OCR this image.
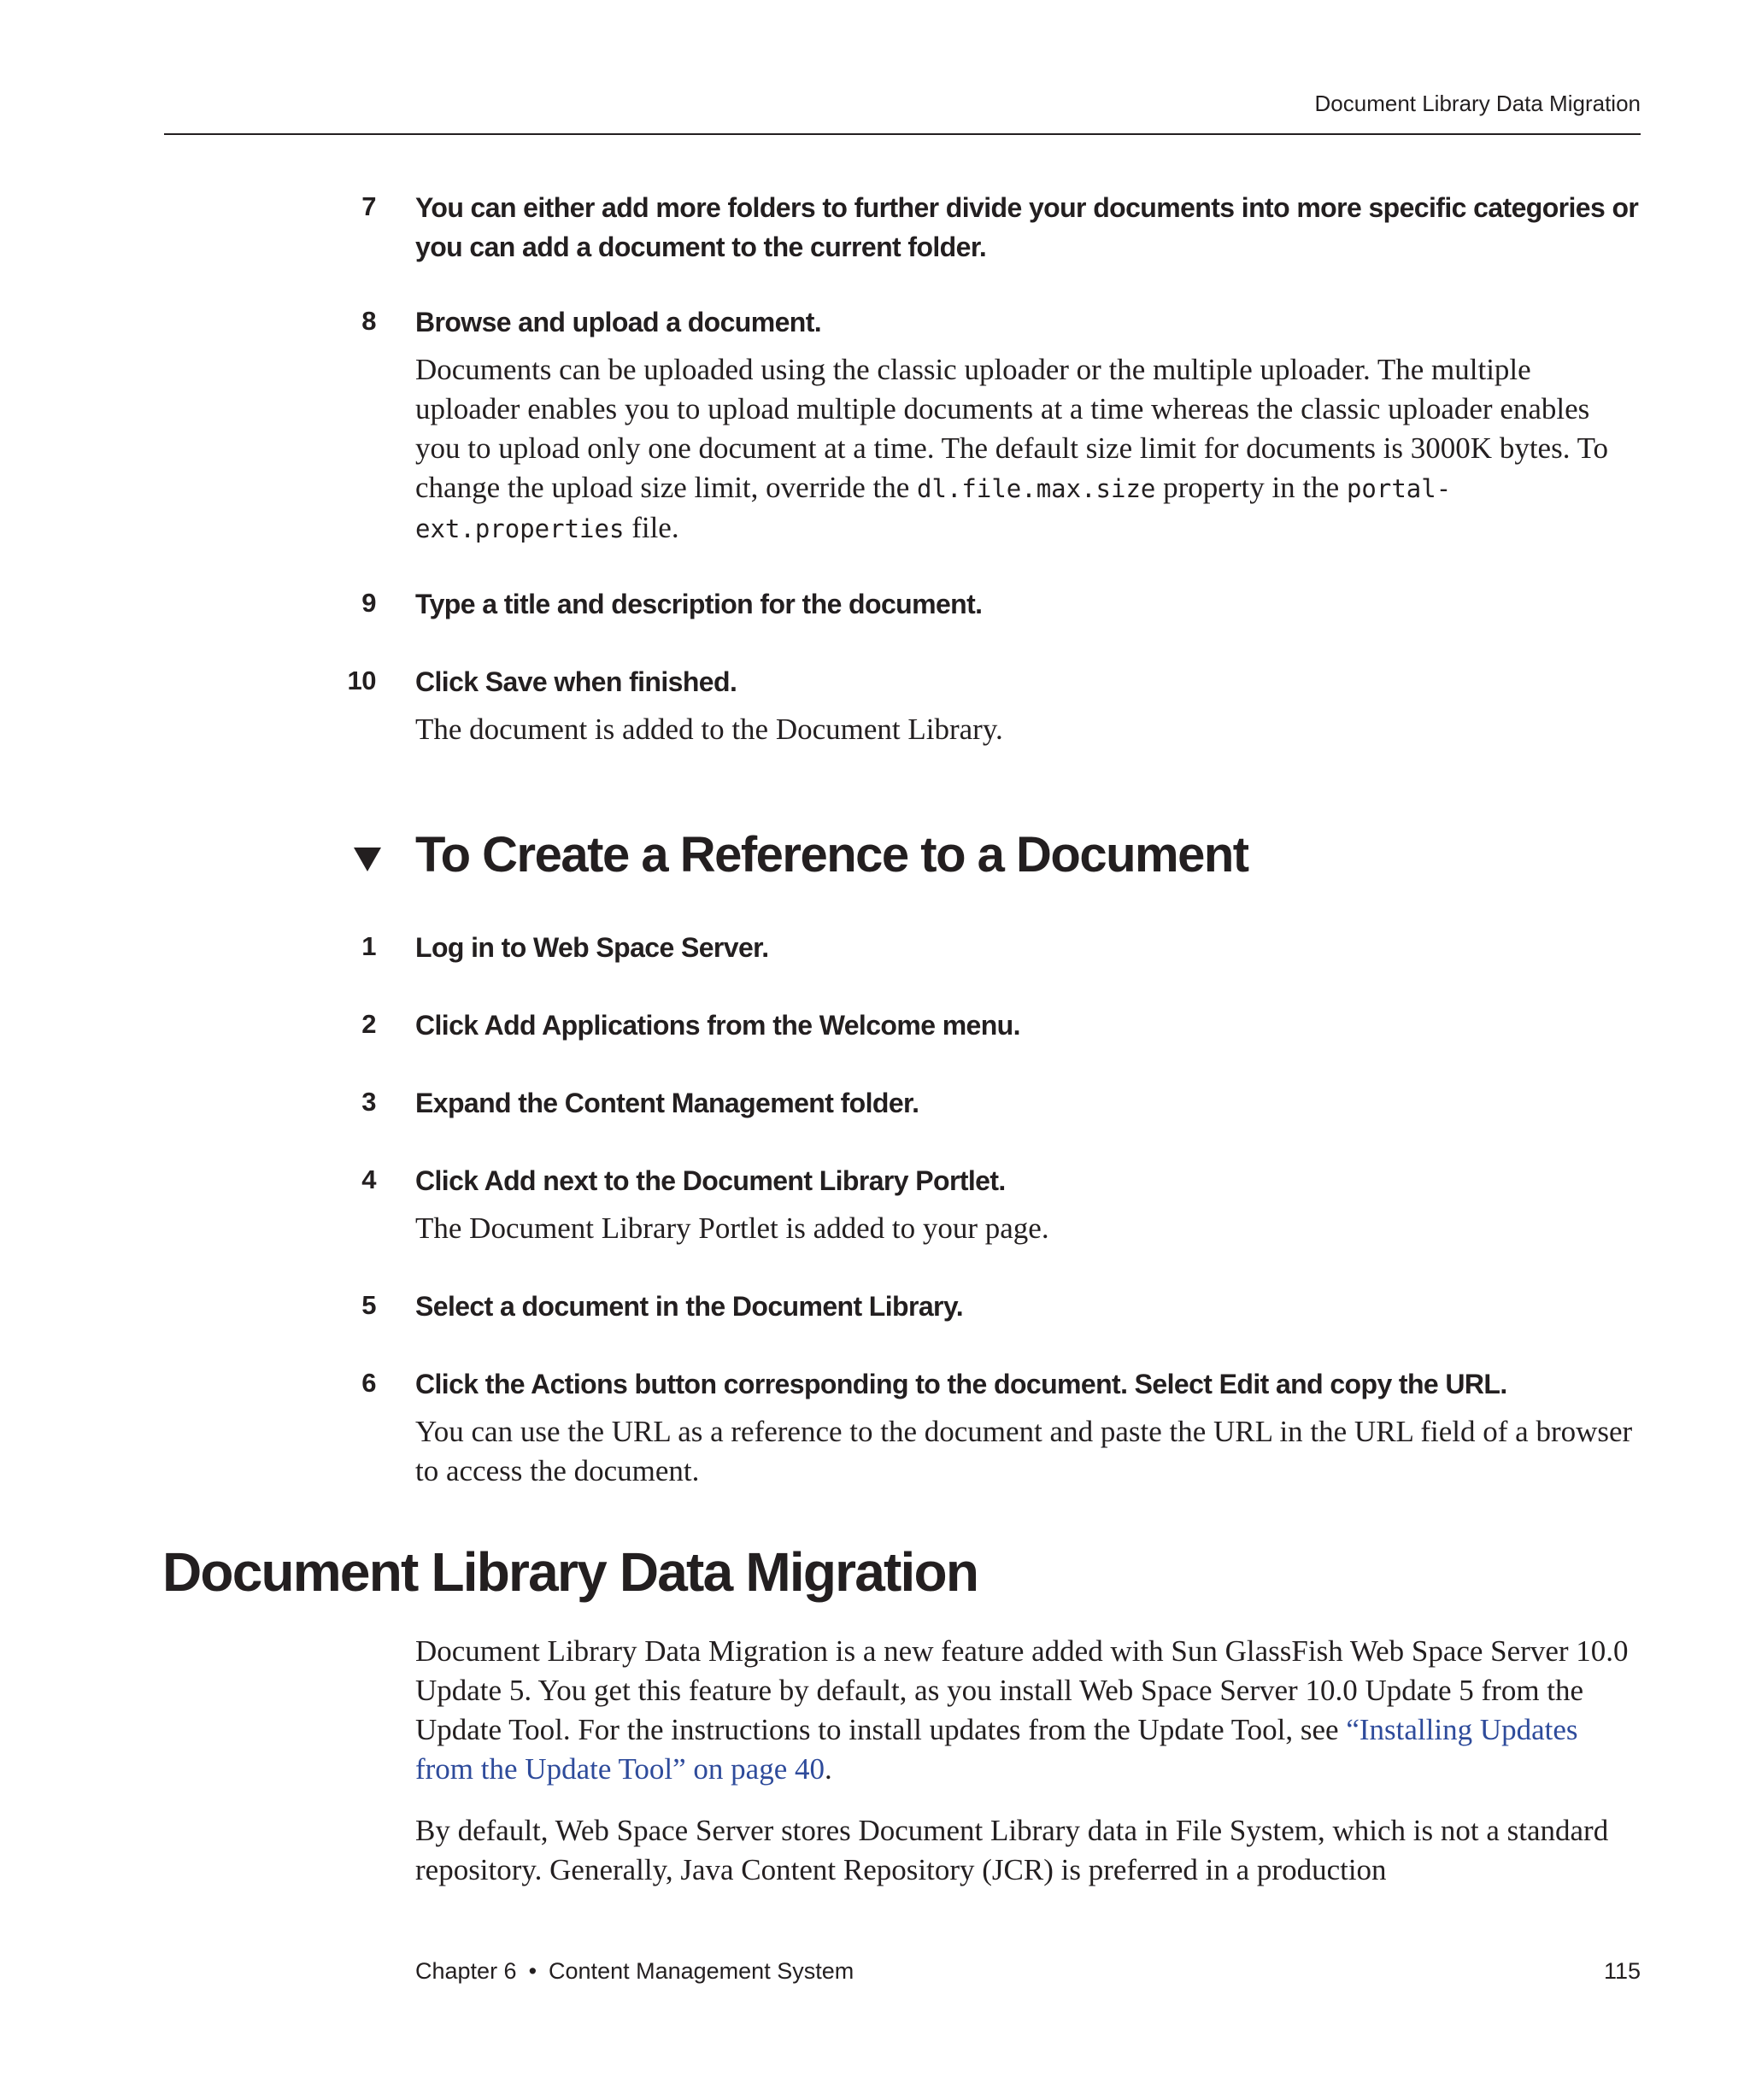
Document Library Data Migration
7 You can either add more folders to further divide your documents into more specific categories or you can add a document to the current folder.

8 Browse and upload a document.

Documents can be uploaded using the classic uploader or the multiple uploader. The multiple uploader enables you to upload multiple documents at a time whereas the classic uploader enables you to upload only one document at a time. The default size limit for documents is 3000K bytes. To change the upload size limit, override the dl.file.max.size property in the portal-ext.properties file.

9 Type a title and description for the document.

10 Click Save when finished.

The document is added to the Document Library.

To Create a Reference to a Document
1 Log in to Web Space Server.

2 Click Add Applications from the Welcome menu.

3 Expand the Content Management folder.

4 Click Add next to the Document Library Portlet.

The Document Library Portlet is added to your page.

5 Select a document in the Document Library.

6 Click the Actions button corresponding to the document. Select Edit and copy the URL.

You can use the URL as a reference to the document and paste the URL in the URL field of a browser to access the document.

Document Library Data Migration

Document Library Data Migration is a new feature added with Sun GlassFish Web Space Server 10.0 Update 5. You get this feature by default, as you install Web Space Server 10.0 Update 5 from the Update Tool. For the instructions to install updates from the Update Tool, see “Installing Updates from the Update Tool” on page 40.

By default, Web Space Server stores Document Library data in File System, which is not a standard repository. Generally, Java Content Repository (JCR) is preferred in a production

Chapter 6 • Content Management System	115
